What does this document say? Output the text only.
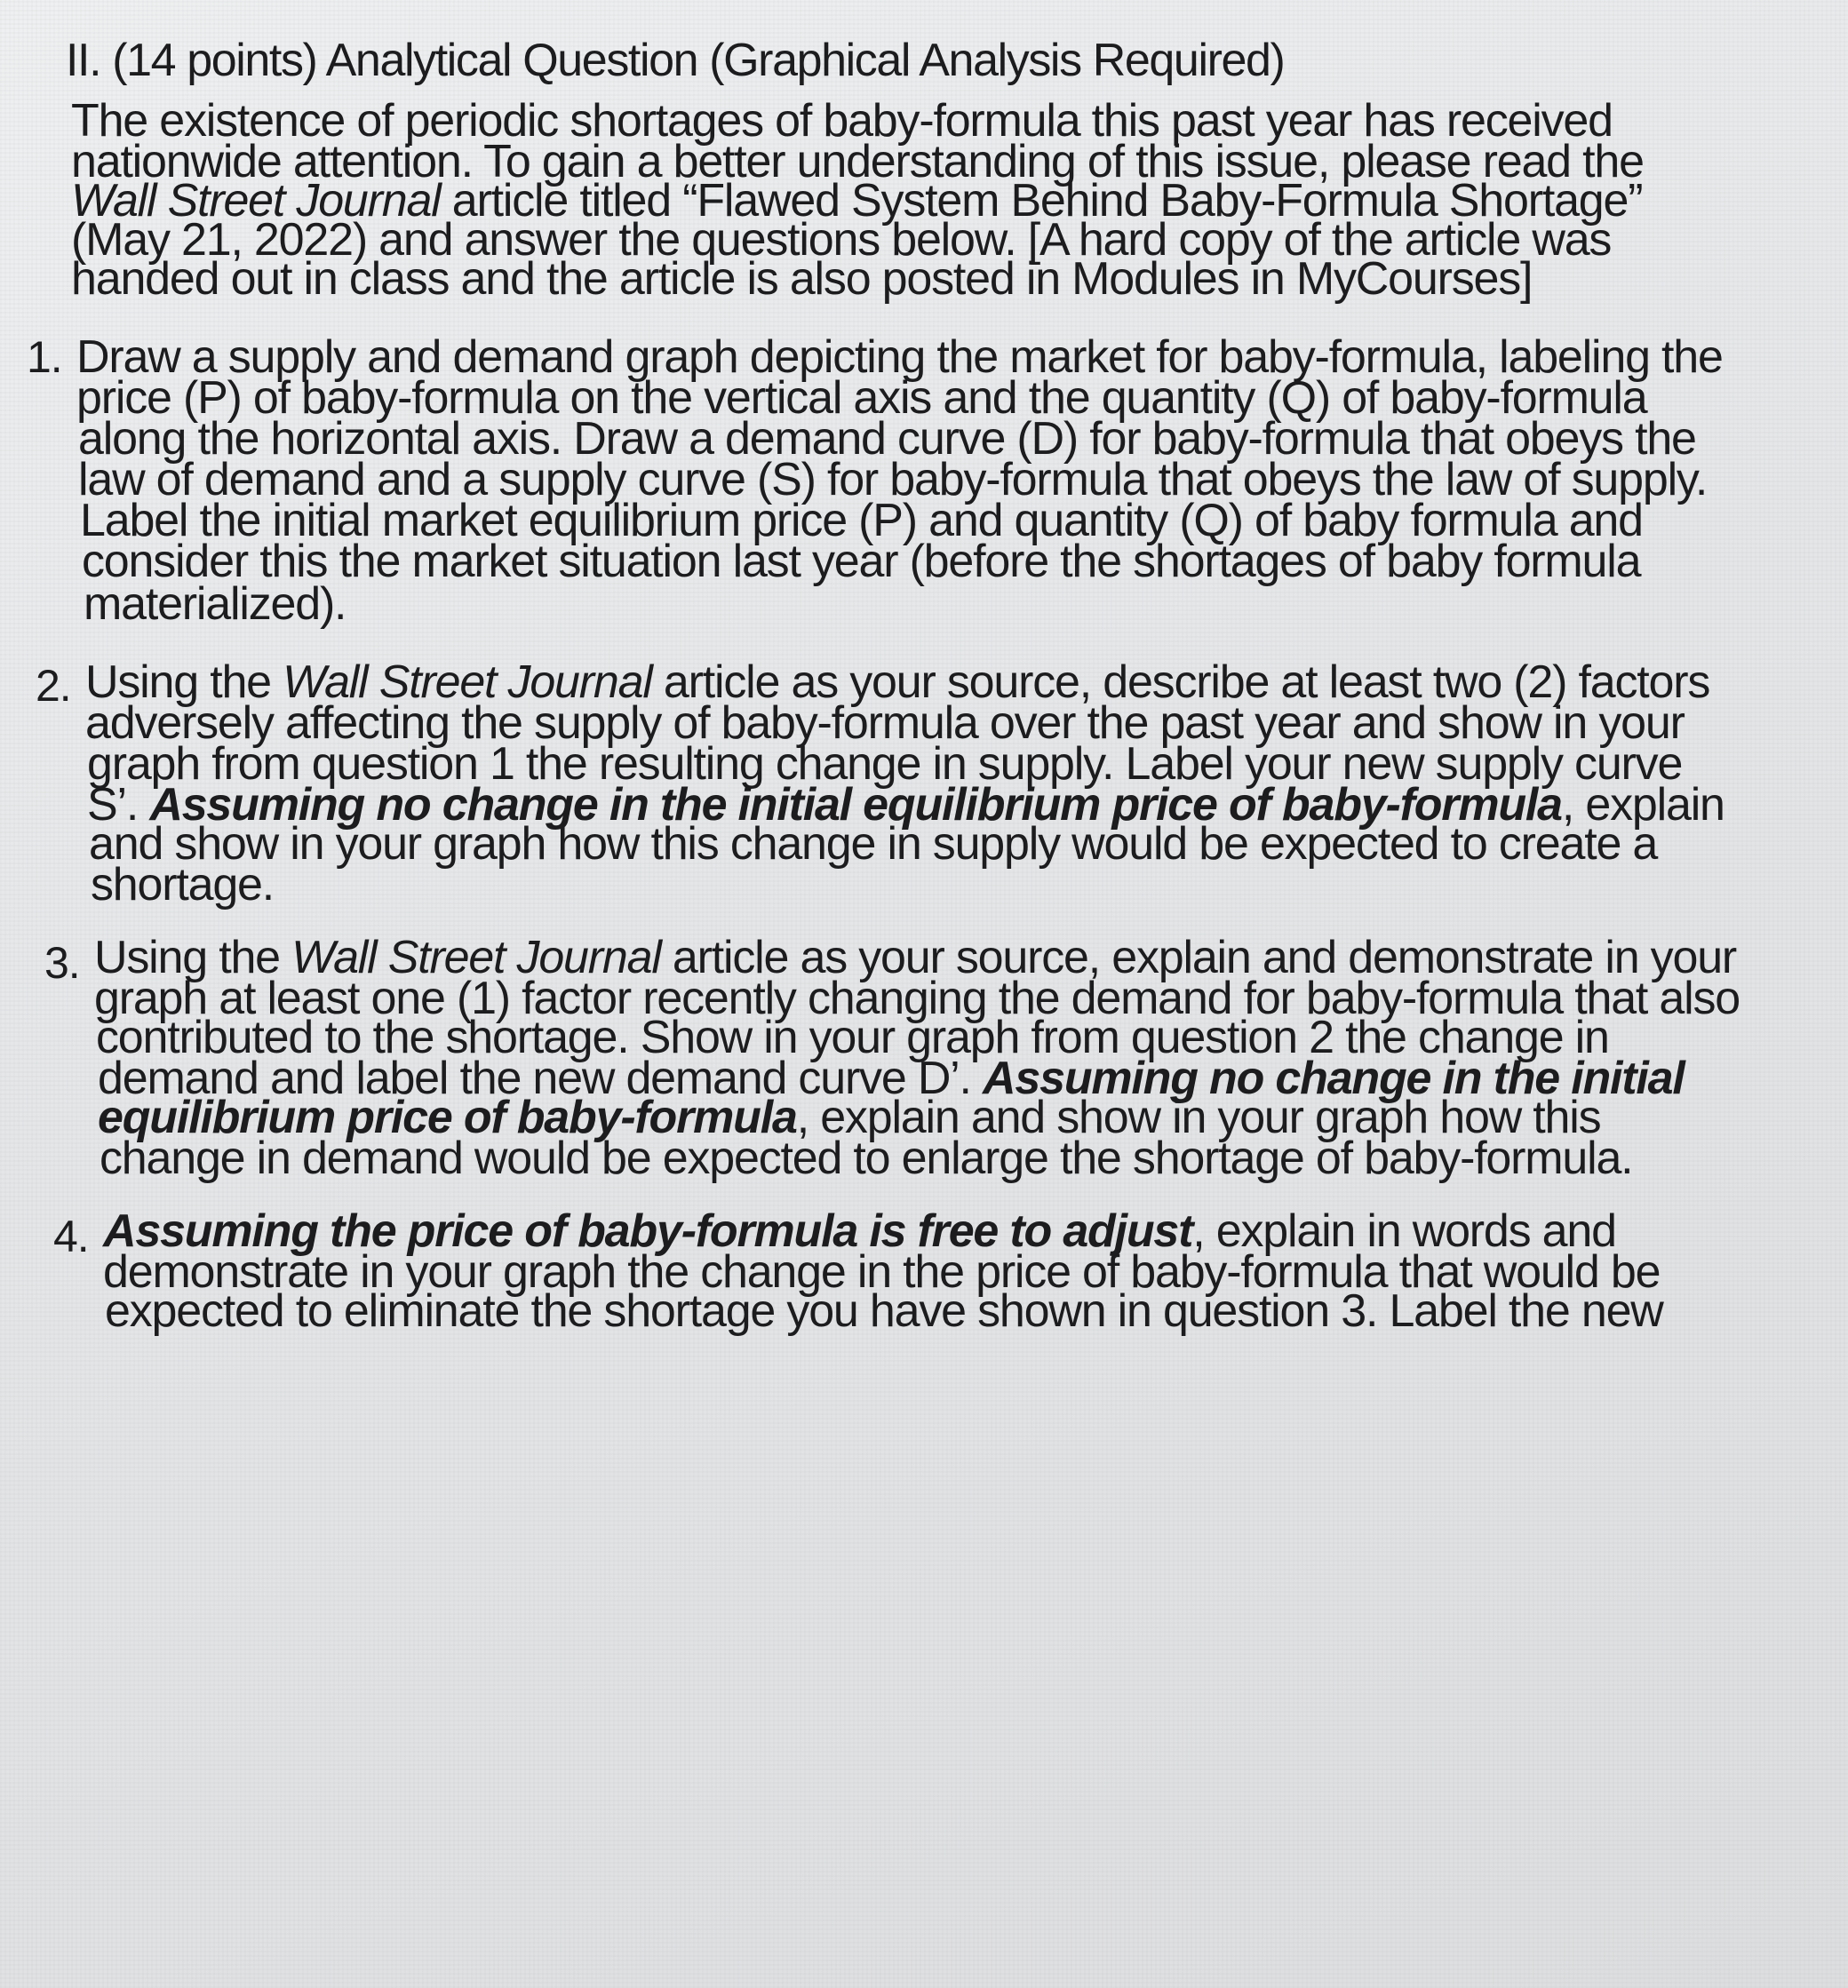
II. (14 points) Analytical Question (Graphical Analysis Required)

The existence of periodic shortages of baby-formula this past year has received

nationwide attention. To gain a better understanding of this issue, please read the

Wall Street Journal article titled “Flawed System Behind Baby-Formula Shortage”

(May 21, 2022) and answer the questions below. [A hard copy of the article was

handed out in class and the article is also posted in Modules in MyCourses]

1. Draw a supply and demand graph depicting the market for baby-formula, labeling the

price (P) of baby-formula on the vertical axis and the quantity (Q) of baby-formula

along the horizontal axis. Draw a demand curve (D) for baby-formula that obeys the

law of demand and a supply curve (S) for baby-formula that obeys the law of supply.

Label the initial market equilibrium price (P) and quantity (Q) of baby formula and

consider this the market situation last year (before the shortages of baby formula

materialized).

2. Using the Wall Street Journal article as your source, describe at least two (2) factors

adversely affecting the supply of baby-formula over the past year and show in your

graph from question 1 the resulting change in supply. Label your new supply curve

S’. Assuming no change in the initial equilibrium price of baby-formula, explain

and show in your graph how this change in supply would be expected to create a

shortage.

3. Using the Wall Street Journal article as your source, explain and demonstrate in your

graph at least one (1) factor recently changing the demand for baby-formula that also

contributed to the shortage. Show in your graph from question 2 the change in

demand and label the new demand curve D’. Assuming no change in the initial

equilibrium price of baby-formula, explain and show in your graph how this

change in demand would be expected to enlarge the shortage of baby-formula.

4. Assuming the price of baby-formula is free to adjust, explain in words and

demonstrate in your graph the change in the price of baby-formula that would be

expected to eliminate the shortage you have shown in question 3. Label the new
